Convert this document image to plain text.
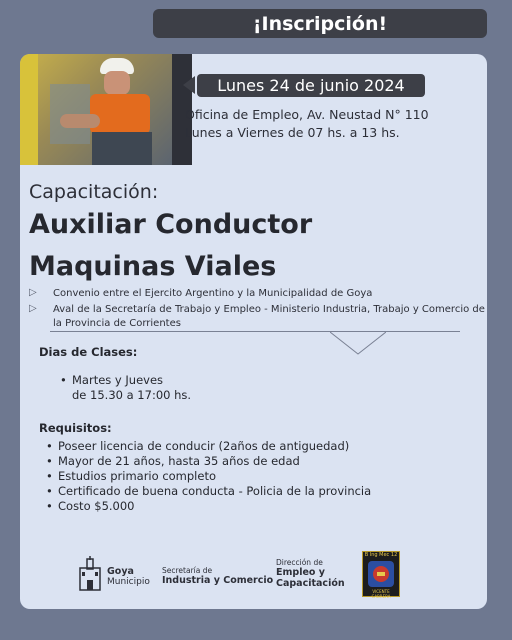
¡Inscripción!
Lunes 24 de junio 2024
Oficina de Empleo, Av. Neustad N° 110
Lunes a Viernes de 07 hs. a 13 hs.
Capacitación:
Auxiliar Conductor
Maquinas Viales
▷	Convenio entre el Ejercito Argentino y la Municipalidad de Goya
▷	Aval de la Secretaría de Trabajo y Empleo - Ministerio Industria, Trabajo y Comercio de la Provincia de Corrientes
Dias de Clases:
• Martes y Jueves
de 15.30 a 17:00 hs.
Requisitos:
• Poseer licencia de conducir (2años de antiguedad)
• Mayor de 21 años, hasta 35 años de edad
• Estudios primario completo
• Certificado de buena conducta - Policia de la provincia
• Costo $5.000
Goya
Municipio
Secretaría de
Industria y Comercio
Dirección de
Empleo y
Capacitación
B Ing Mec 12
VICENTE CABRERA
